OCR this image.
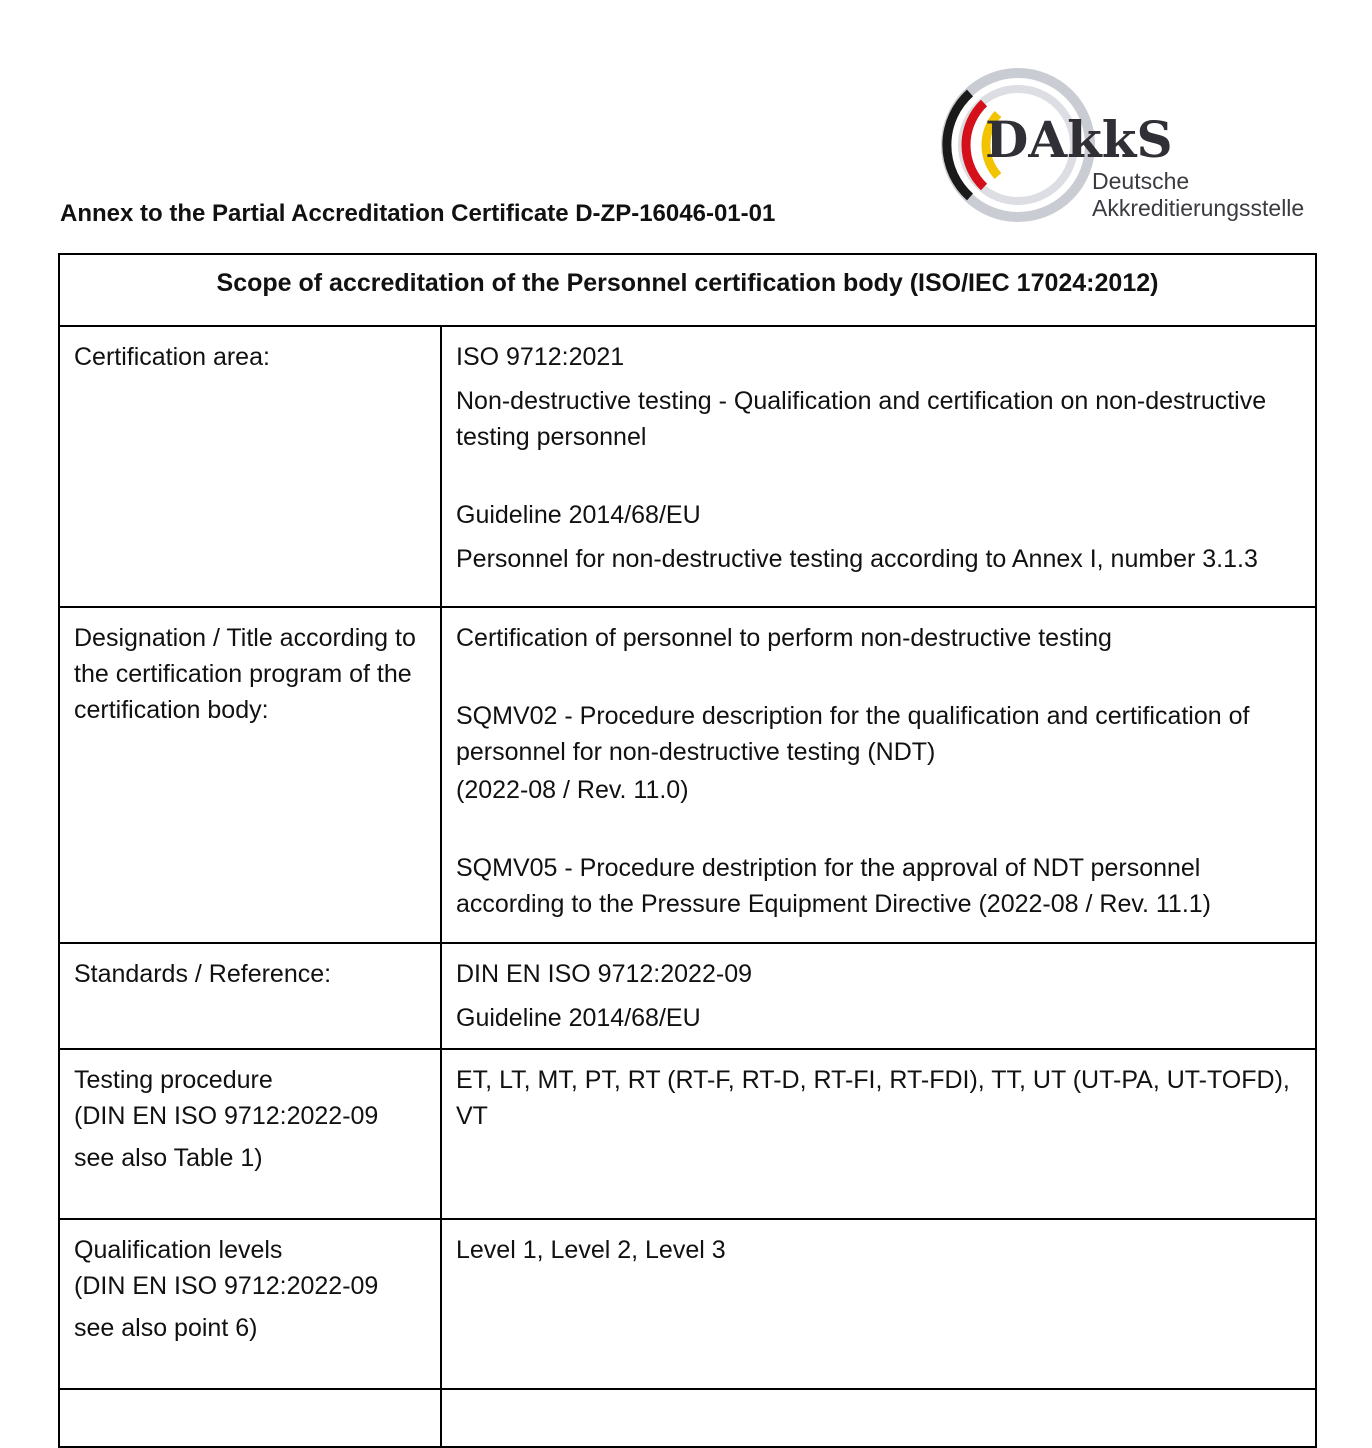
DAkkS
Deutsche
Akkreditierungsstelle
Annex to the Partial Accreditation Certificate D-ZP-16046-01-01
Scope of accreditation of the Personnel certification body (ISO/IEC 17024:2012)	
Certification area:	ISO 9712:2021
Non-destructive testing - Qualification and certification on non-destructive testing personnel
Guideline 2014/68/EU
Personnel for non-destructive testing according to Annex I, number 3.1.3

Designation / Title according to the certification program of the certification body:	Certification of personnel to perform non-destructive testing
SQMV02 - Procedure description for the qualification and certification of personnel for non-destructive testing (NDT)
(2022-08 / Rev. 11.0)
SQMV05 - Procedure destription for the approval of NDT personnel according to the Pressure Equipment Directive (2022-08 / Rev. 11.1)

Standards / Reference:	DIN EN ISO 9712:2022-09
Guideline 2014/68/EU

Testing procedure
(DIN EN ISO 9712:2022-09
see also Table 1)	ET, LT, MT, PT, RT (RT-F, RT-D, RT-FI, RT-FDI), TT, UT (UT-PA, UT-TOFD), VT

Qualification levels
(DIN EN ISO 9712:2022-09
see also point 6)	Level 1, Level 2, Level 3
